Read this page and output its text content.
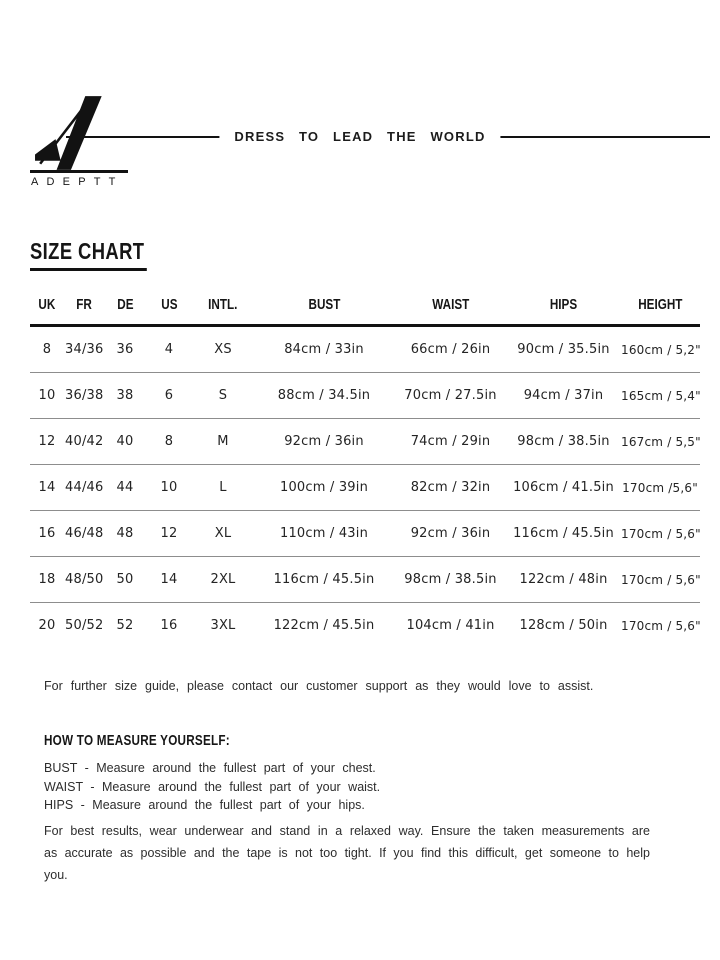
DRESS TO LEAD THE WORLD
ADEPTT
SIZE CHART
UK	FR	DE	US	INTL.	BUST	WAIST	HIPS	HEIGHT
8	34/36	36	4	XS	84cm / 33in	66cm / 26in	90cm / 35.5in	160cm / 5,2"
10	36/38	38	6	S	88cm / 34.5in	70cm / 27.5in	94cm / 37in	165cm / 5,4"
12	40/42	40	8	M	92cm / 36in	74cm / 29in	98cm / 38.5in	167cm / 5,5"
14	44/46	44	10	L	100cm / 39in	82cm / 32in	106cm / 41.5in	170cm /5,6"
16	46/48	48	12	XL	110cm / 43in	92cm / 36in	116cm / 45.5in	170cm / 5,6"
18	48/50	50	14	2XL	116cm / 45.5in	98cm / 38.5in	122cm / 48in	170cm / 5,6"
20	50/52	52	16	3XL	122cm / 45.5in	104cm / 41in	128cm / 50in	170cm / 5,6"

For further size guide, please contact our customer support as they would love to assist.

HOW TO MEASURE YOURSELF:

BUST - Measure around the fullest part of your chest.

WAIST - Measure around the fullest part of your waist.

HIPS - Measure around the fullest part of your hips.

For best results, wear underwear and stand in a relaxed way. Ensure the taken measurements are as accurate as possible and the tape is not too tight. If you find this difficult, get someone to help you.
